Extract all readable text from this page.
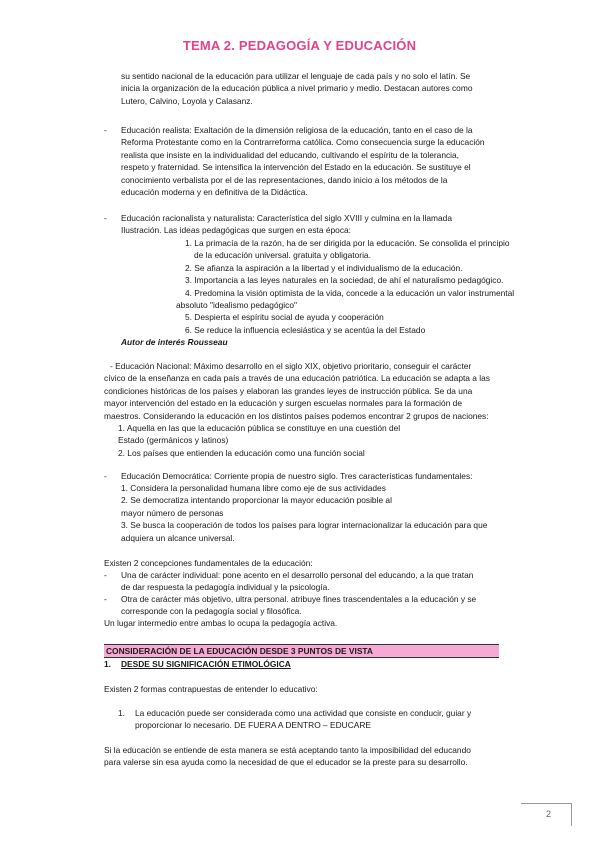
TEMA 2. PEDAGOGÍA Y EDUCACIÓN

su sentido nacional de la educación para utilizar el lenguaje de cada país y no solo el latín. Se

inicia la organización de la educación pública a nivel primario y medio. Destacan autores como

Lutero, Calvino, Loyola y Calasanz.

- Educación realista: Exaltación de la dimensión religiosa de la educación, tanto en el caso de la

Reforma Protestante como en la Contrarreforma católica. Como consecuencia surge la educación

realista que insiste en la individualidad del educando, cultivando el espíritu de la tolerancia,

respeto y fraternidad. Se intensifica la intervención del Estado en la educación. Se sustituye el

conocimiento verbalista por el de las representaciones, dando inicio a los métodos de la

educación moderna y en definitiva de la Didáctica.

- Educación racionalista y naturalista: Característica del siglo XVIII y culmina en la llamada

Ilustración. Las ideas pedagógicas que surgen en esta época:

1. La primacía de la razón, ha de ser dirigida por la educación. Se consolida el principio
de la educación universal. gratuita y obligatoria.
2. Se afianza la aspiración a la libertad y el individualismo de la educación.
3. Importancia a las leyes naturales en la sociedad, de ahí el naturalismo pedagógico.
4. Predomina la visión optimista de la vida, concede a la educación un valor instrumental
absoluto "idealismo pedagógico"
5. Despierta el espíritu social de ayuda y cooperación
6. Se reduce la influencia eclesiástica y se acentúa la del Estado
Autor de interés Rousseau

- Educación Nacional: Máximo desarrollo en el siglo XIX, objetivo prioritario, conseguir el carácter

cívico de la enseñanza en cada país a través de una educación patriótica. La educación se adapta a las

condiciones históricas de los países y elaboran las grandes leyes de instrucción pública. Se da una

mayor intervención del estado en la educación y surgen escuelas normales para la formación de

maestros. Considerando la educación en los distintos países podemos encontrar 2 grupos de naciones:

1. Aquella en las que la educación pública se constituye en una cuestión del
Estado (germánicos y latinos)
2. Los países que entienden la educación como una función social
- Educación Democrática: Corriente propia de nuestro siglo. Tres características fundamentales:
1. Considera la personalidad humana libre como eje de sus actividades
2. Se democratiza intentando proporcionar la mayor educación posible al
mayor número de personas
3. Se busca la cooperación de todos los países para lograr internacionalizar la educación para que
adquiera un alcance universal.
Existen 2 concepciones fundamentales de la educación:
- Una de carácter individual: pone acento en el desarrollo personal del educando, a la que tratan

de dar respuesta la pedagogía individual y la psicología.

- Otra de carácter más objetivo, ultra personal. atribuye fines trascendentales a la educación y se

corresponde con la pedagogía social y filosófica.

Un lugar intermedio entre ambas lo ocupa la pedagogía activa.
CONSIDERACIÓN DE LA EDUCACIÓN DESDE 3 PUNTOS DE VISTA
1. DESDE SU SIGNIFICACIÓN ETIMOLÓGICA
Existen 2 formas contrapuestas de entender lo educativo:
1. La educación puede ser considerada como una actividad que consiste en conducir, guiar y

proporcionar lo necesario. DE FUERA A DENTRO – EDUCARE

Si la educación se entiende de esta manera se está aceptando tanto la imposibilidad del educando

para valerse sin esa ayuda como la necesidad de que el educador se la preste para su desarrollo.

2
